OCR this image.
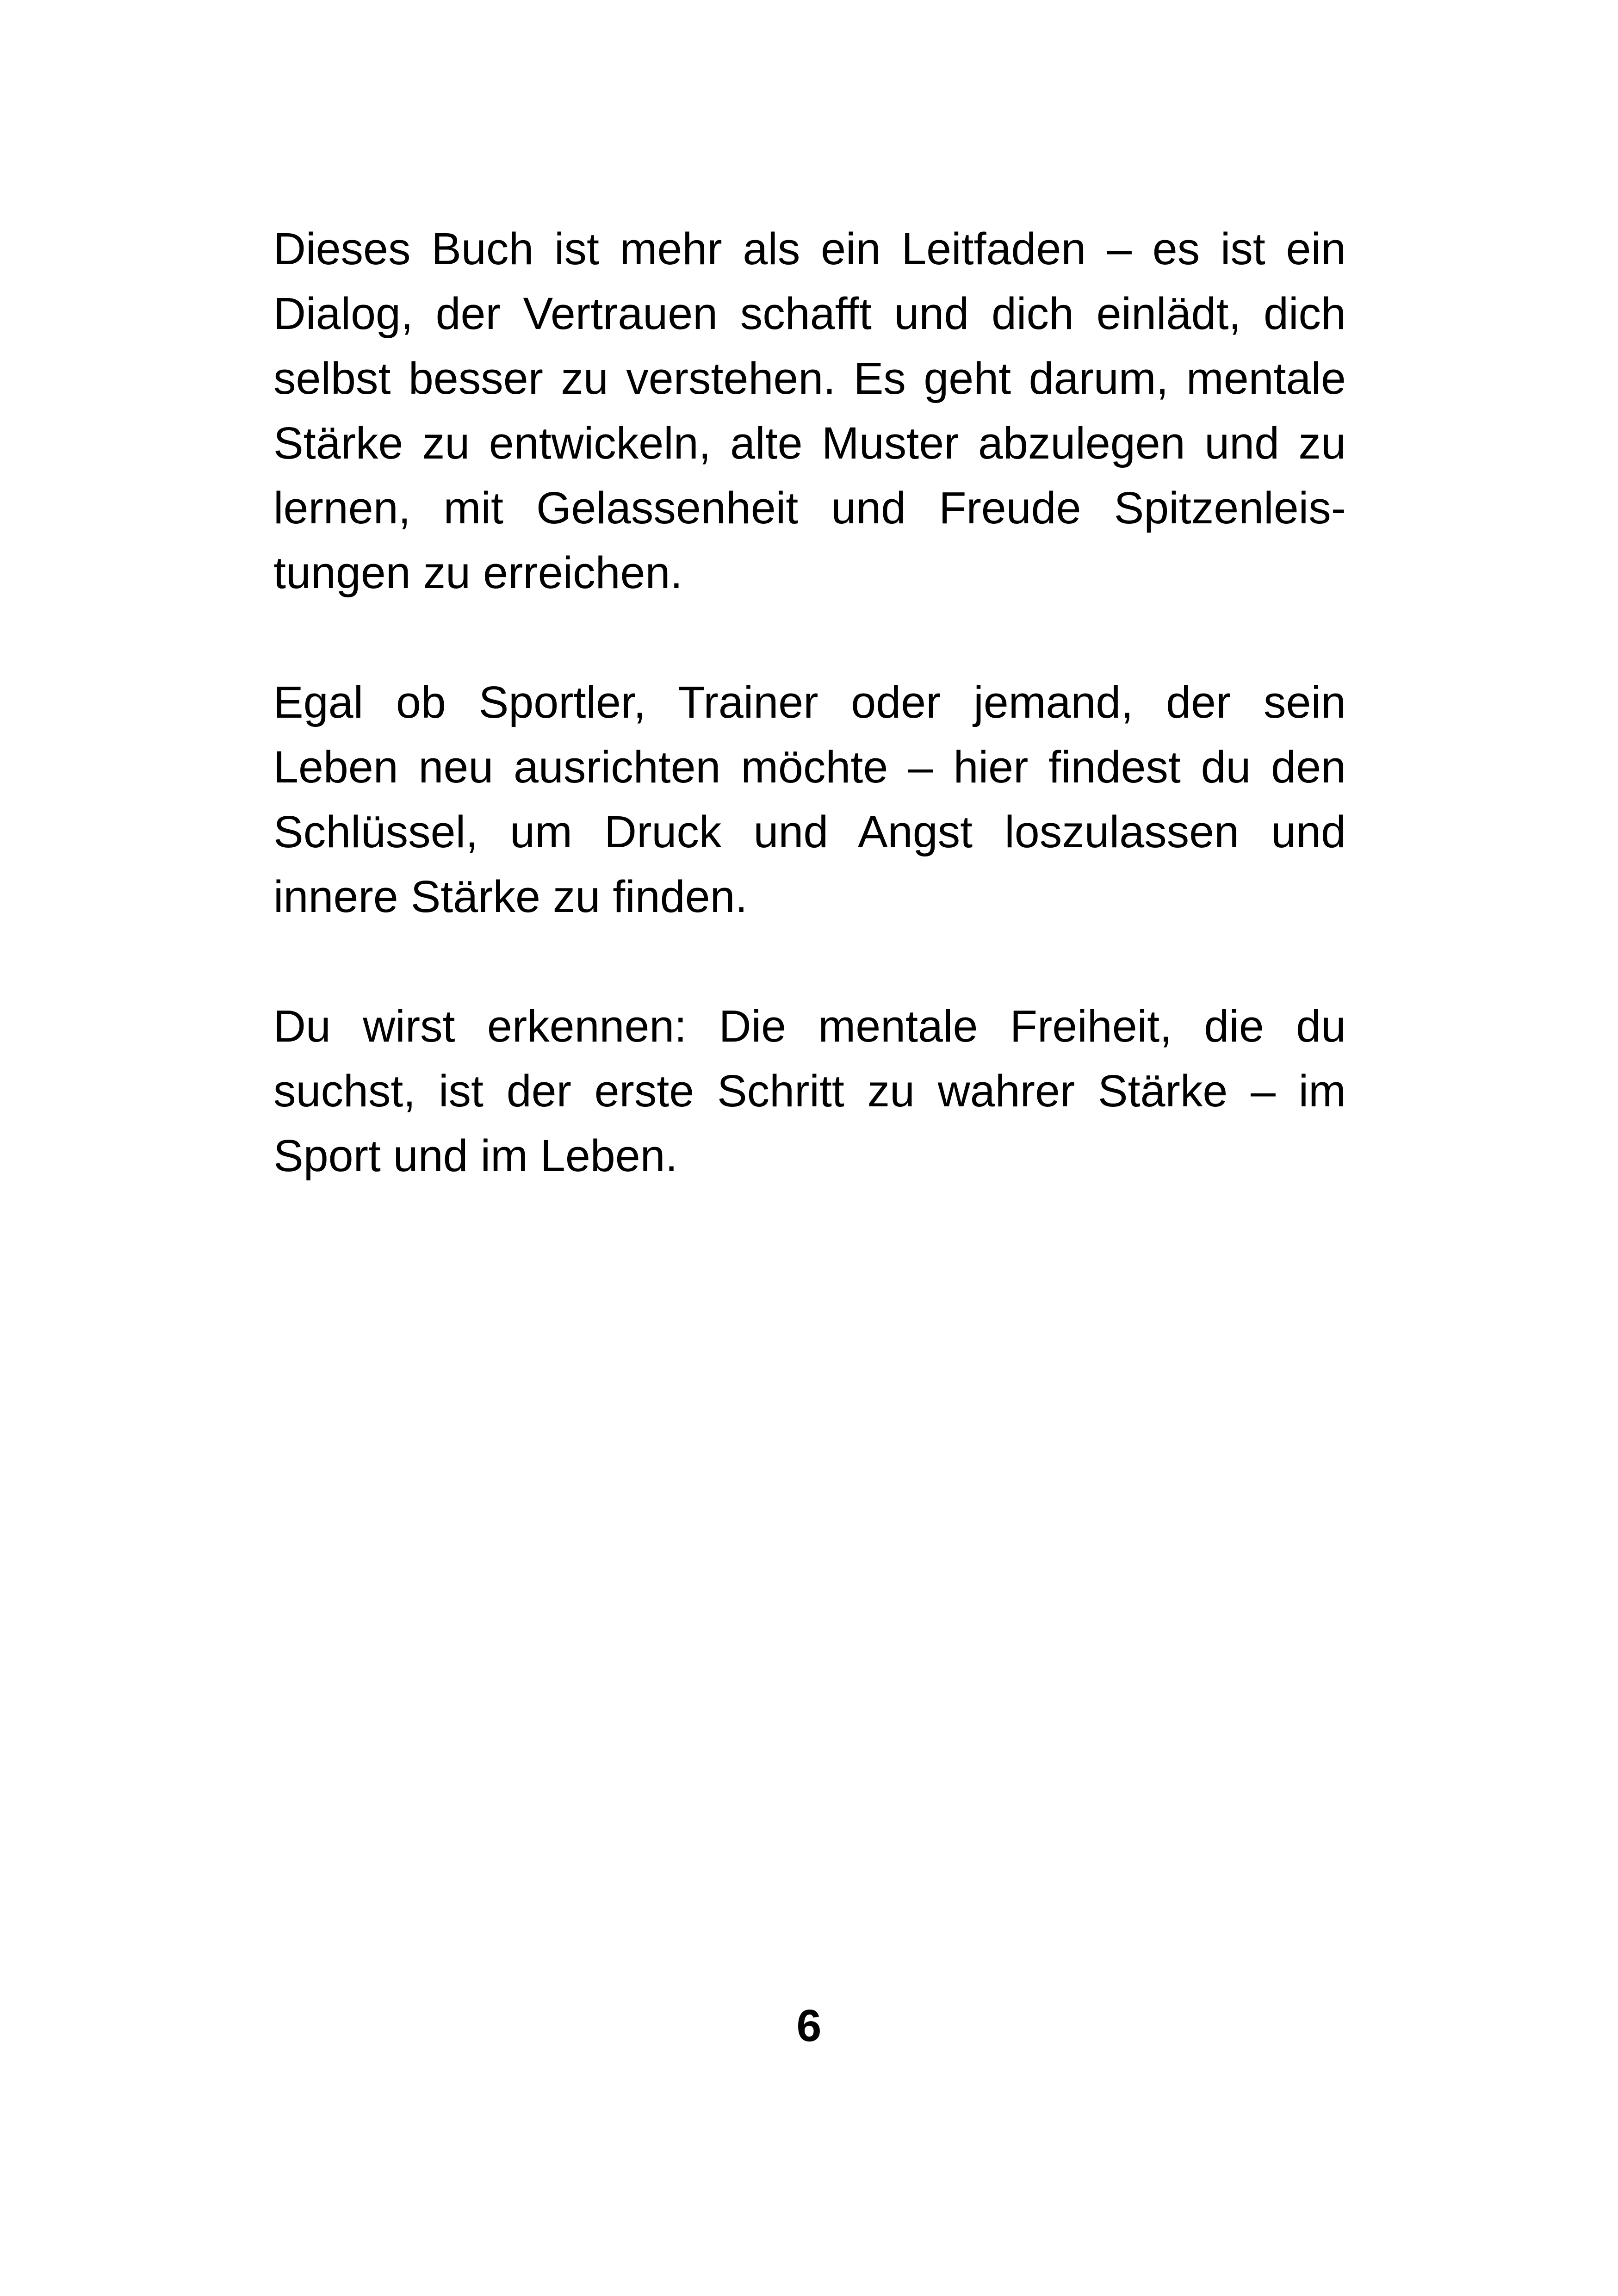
Dieses Buch ist mehr als ein Leitfaden – es ist ein
Dialog, der Vertrauen schafft und dich einlädt, dich
selbst besser zu verstehen. Es geht darum, mentale
Stärke zu entwickeln, alte Muster abzulegen und zu
lernen, mit Gelassenheit und Freude Spitzenleis-
tungen zu erreichen.
Egal ob Sportler, Trainer oder jemand, der sein
Leben neu ausrichten möchte – hier findest du den
Schlüssel, um Druck und Angst loszulassen und
innere Stärke zu finden.
Du wirst erkennen: Die mentale Freiheit, die du
suchst, ist der erste Schritt zu wahrer Stärke – im
Sport und im Leben.
6
